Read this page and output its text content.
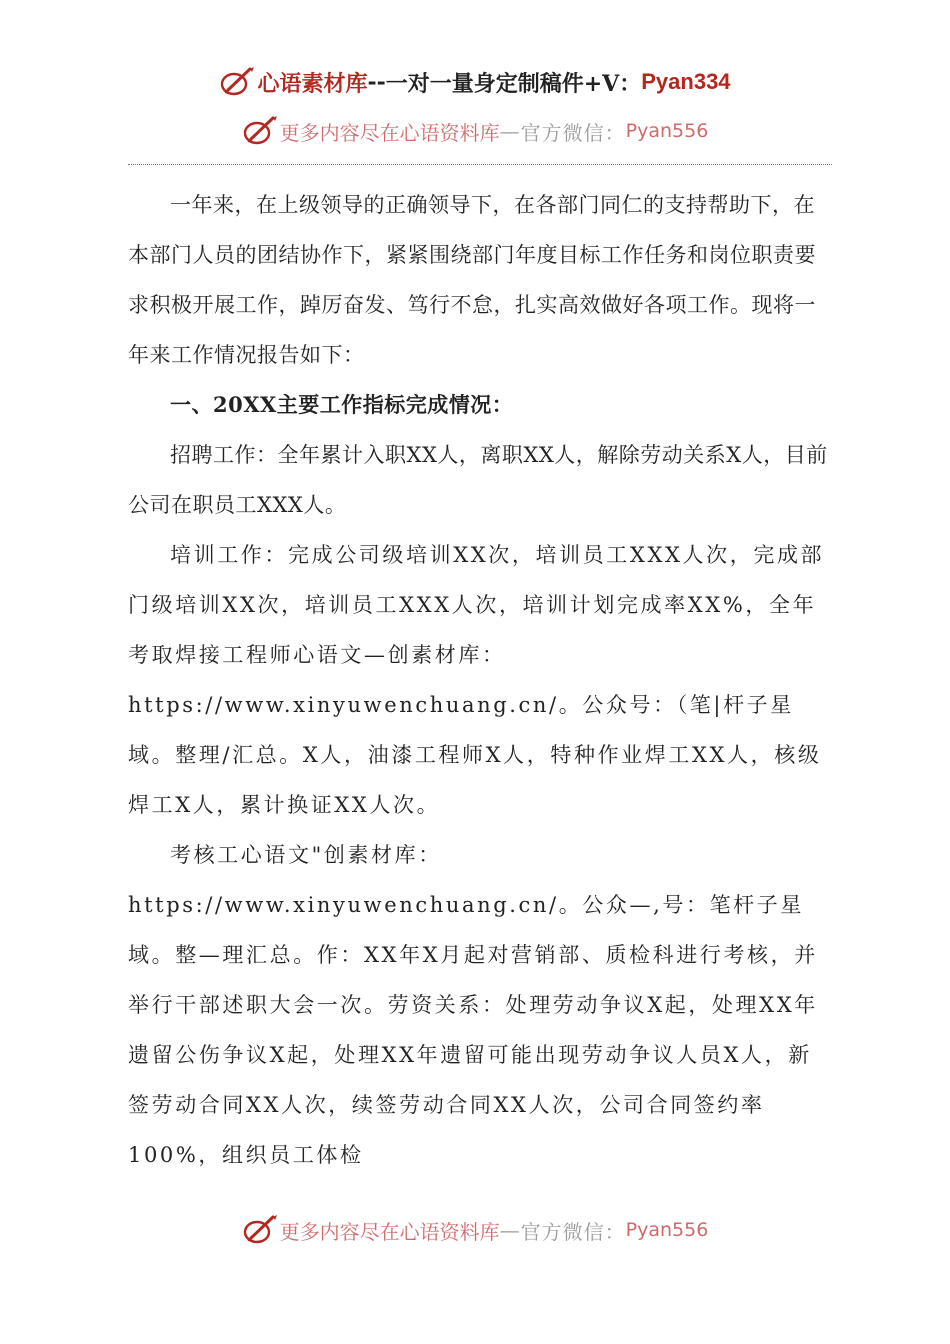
心语素材库 -- 一对一量身定制稿件 +V： Pyan334
更多内容尽在心语资料库 — 官方微信： Pyan556

一年来，在上级领导的正确领导下，在各部门同仁的支持帮助下，在本部门人员的团结协作下，紧紧围绕部门年度目标工作任务和岗位职责要求积极开展工作，踔厉奋发、笃行不怠，扎实高效做好各项工作。现将一年来工作情况报告如下：

一、20XX主要工作指标完成情况：

招聘工作：全年累计入职XX人，离职XX人，解除劳动关系X人，目前公司在职员工XXX人。

培训工作：完成公司级培训XX次，培训员工XXX人次，完成部门级培训XX次，培训员工XXX人次，培训计划完成率XX%，全年考取焊接工程师心语文—创素材库：https://www.xinyuwenchuang.cn/。公众号：（笔|杆子星域。整理/汇总。X人，油漆工程师X人，特种作业焊工XX人，核级焊工X人，累计换证XX人次。

考核工心语文"创素材库：https://www.xinyuwenchuang.cn/。公众—,号：笔杆子星域。整—理汇总。作：XX年X月起对营销部、质检科进行考核，并举行干部述职大会一次。劳资关系：处理劳动争议X起，处理XX年遗留公伤争议X起，处理XX年遗留可能出现劳动争议人员X人，新签劳动合同XX人次，续签劳动合同XX人次，公司合同签约率100%，组织员工体检

更多内容尽在心语资料库 — 官方微信： Pyan556
